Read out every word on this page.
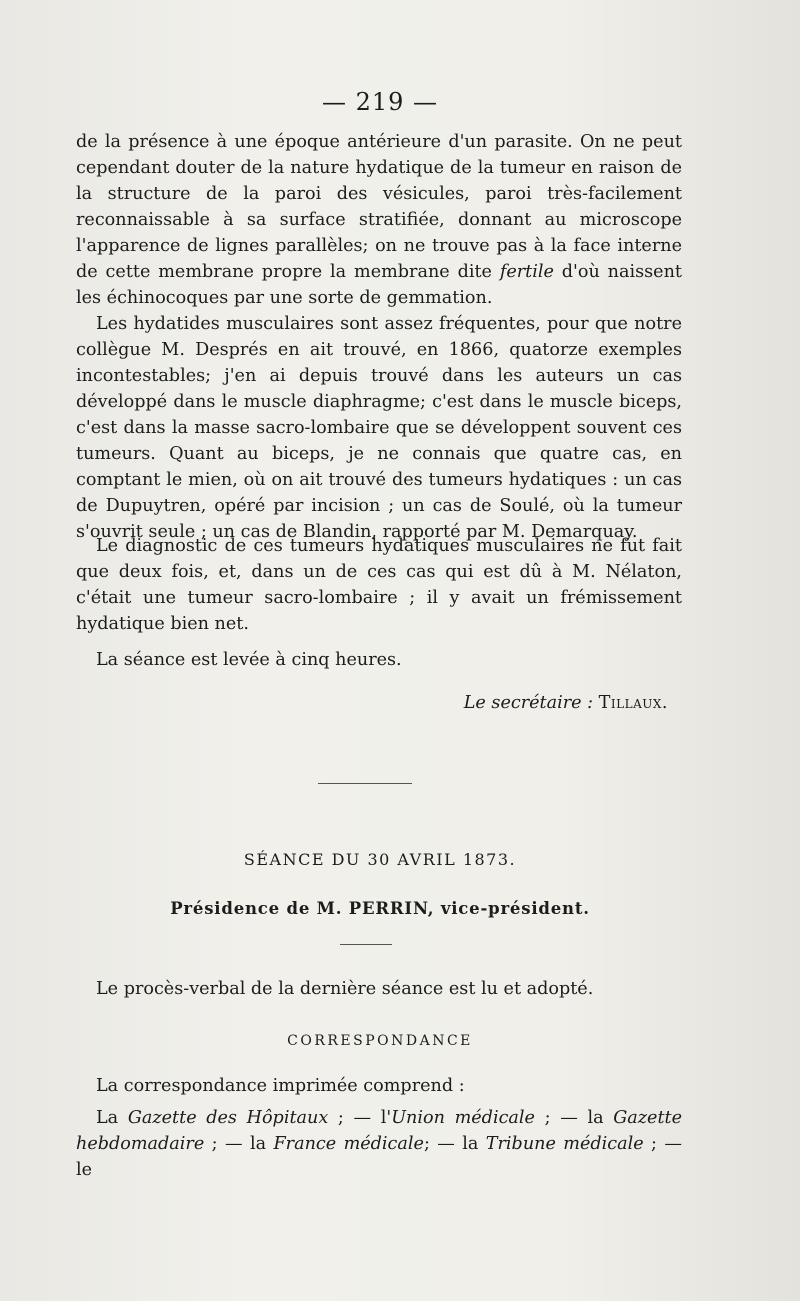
— 219 —

de la présence à une époque antérieure d'un parasite. On ne peut cependant douter de la nature hydatique de la tumeur en raison de la structure de la paroi des vésicules, paroi très-facilement reconnaissable à sa surface stratifiée, donnant au microscope l'apparence de lignes parallèles; on ne trouve pas à la face interne de cette membrane propre la membrane dite fertile d'où naissent les échinocoques par une sorte de gemmation.

Les hydatides musculaires sont assez fréquentes, pour que notre collègue M. Després en ait trouvé, en 1866, quatorze exemples incontestables; j'en ai depuis trouvé dans les auteurs un cas développé dans le muscle diaphragme; c'est dans le muscle biceps, c'est dans la masse sacro-lombaire que se développent souvent ces tumeurs. Quant au biceps, je ne connais que quatre cas, en comptant le mien, où on ait trouvé des tumeurs hydatiques : un cas de Dupuytren, opéré par incision ; un cas de Soulé, où la tumeur s'ouvrit seule ; un cas de Blandin, rapporté par M. Demarquay.

Le diagnostic de ces tumeurs hydatiques musculaires ne fut fait que deux fois, et, dans un de ces cas qui est dû à M. Nélaton, c'était une tumeur sacro-lombaire ; il y avait un frémissement hydatique bien net.

La séance est levée à cinq heures.

Le secrétaire : Tillaux.
SÉANCE DU 30 AVRIL 1873.
Présidence de M. PERRIN, vice-président.

Le procès-verbal de la dernière séance est lu et adopté.

CORRESPONDANCE

La correspondance imprimée comprend :

La Gazette des Hôpitaux ; — l'Union médicale ; — la Gazette hebdomadaire ; — la France médicale; — la Tribune médicale ; — le
